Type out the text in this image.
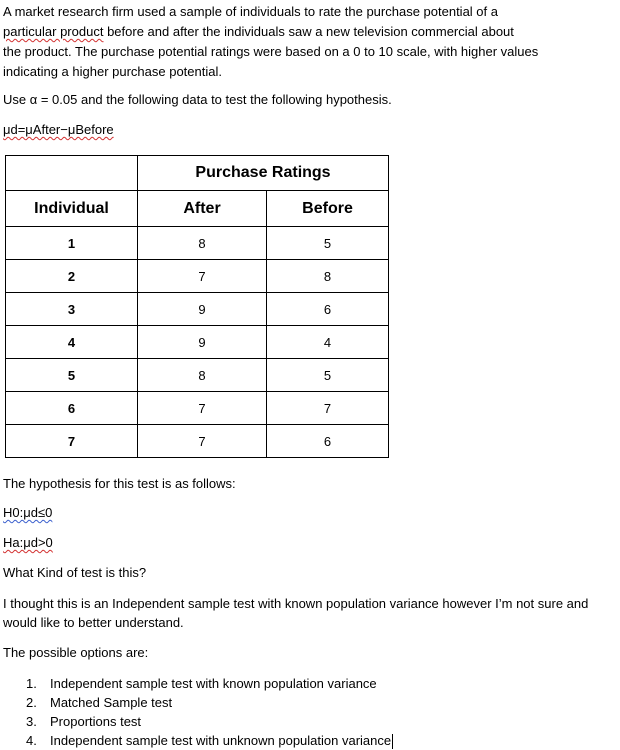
A market research firm used a sample of individuals to rate the purchase potential of a
particular product before and after the individuals saw a new television commercial about
the product. The purchase potential ratings were based on a 0 to 10 scale, with higher values
indicating a higher purchase potential.
Use α = 0.05 and the following data to test the following hypothesis.
μd=μAfter−μBefore
	Purchase Ratings	
Individual	After	Before
1	8	5
2	7	8
3	9	6
4	9	4
5	8	5
6	7	7
7	7	6
The hypothesis for this test is as follows:
H0:μd≤0
Ha:μd>0
What Kind of test is this?
I thought this is an Independent sample test with known population variance however I’m not sure and
would like to better understand.
The possible options are:
1. Independent sample test with known population variance
2. Matched Sample test
3. Proportions test
4. Independent sample test with unknown population variance
